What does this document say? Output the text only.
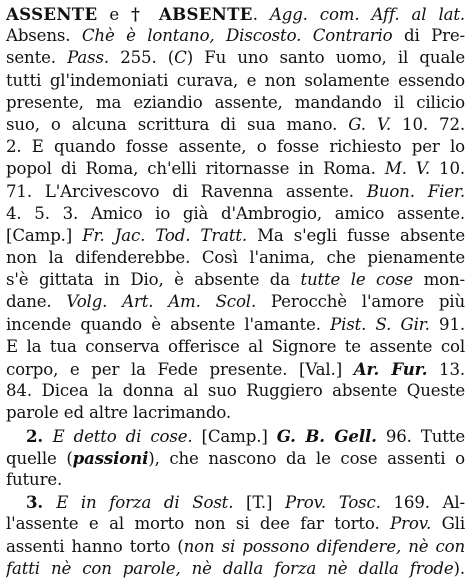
ASSENTE e † ABSENTE. Agg. com. Aff. al lat.
Absens. Chè è lontano, Discosto. Contrario di Pre-
sente. Pass. 255. (C) Fu uno santo uomo, il quale
tutti gl'indemoniati curava, e non solamente essendo
presente, ma eziandio assente, mandando il cilicio
suo, o alcuna scrittura di sua mano. G. V. 10. 72.
2. E quando fosse assente, o fosse richiesto per lo
popol di Roma, ch'elli ritornasse in Roma. M. V. 10.
71. L'Arcivescovo di Ravenna assente. Buon. Fier.
4. 5. 3. Amico io già d'Ambrogio, amico assente.
[Camp.] Fr. Jac. Tod. Tratt. Ma s'egli fusse absente
non la difenderebbe. Così l'anima, che pienamente
s'è gittata in Dio, è absente da tutte le cose mon-
dane. Volg. Art. Am. Scol. Perocchè l'amore più
incende quando è absente l'amante. Pist. S. Gir. 91.
E la tua conserva offerisce al Signore te assente col
corpo, e per la Fede presente. [Val.] Ar. Fur. 13.
84. Dicea la donna al suo Ruggiero absente Queste
parole ed altre lacrimando.
2. E detto di cose. [Camp.] G. B. Gell. 96. Tutte
quelle (passioni), che nascono da le cose assenti o
future.
3. E in forza di Sost. [T.] Prov. Tosc. 169. Al-
l'assente e al morto non si dee far torto. Prov. Gli
assenti hanno torto (non si possono difendere, nè con
fatti nè con parole, nè dalla forza nè dalla frode).
